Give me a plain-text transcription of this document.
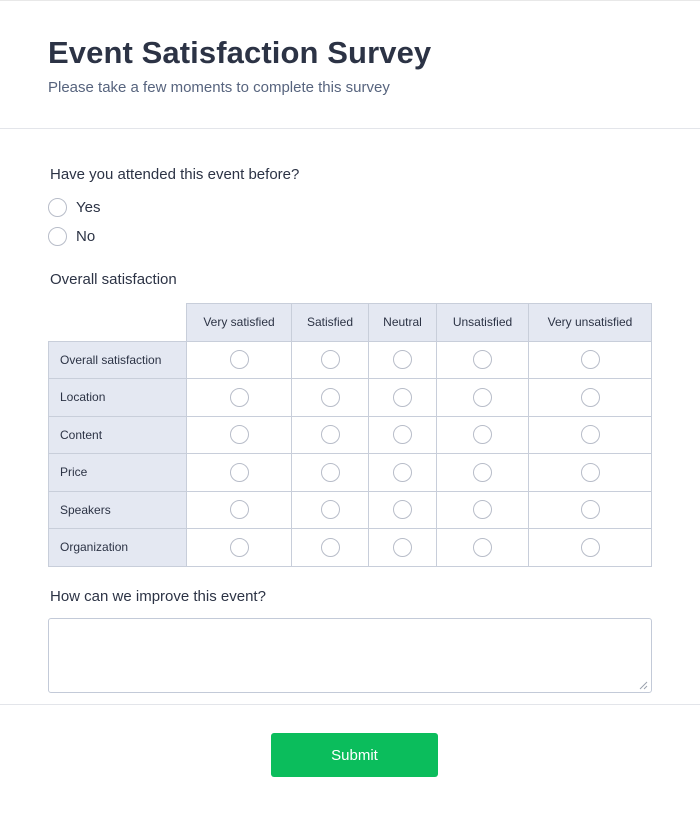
Event Satisfaction Survey
Please take a few moments to complete this survey
Have you attended this event before?
Yes
No
Overall satisfaction
	Very satisfied	Satisfied	Neutral	Unsatisfied	Very unsatisfied
Overall satisfaction					
Location					
Content					
Price					
Speakers					
Organization					
How can we improve this event?
Submit
